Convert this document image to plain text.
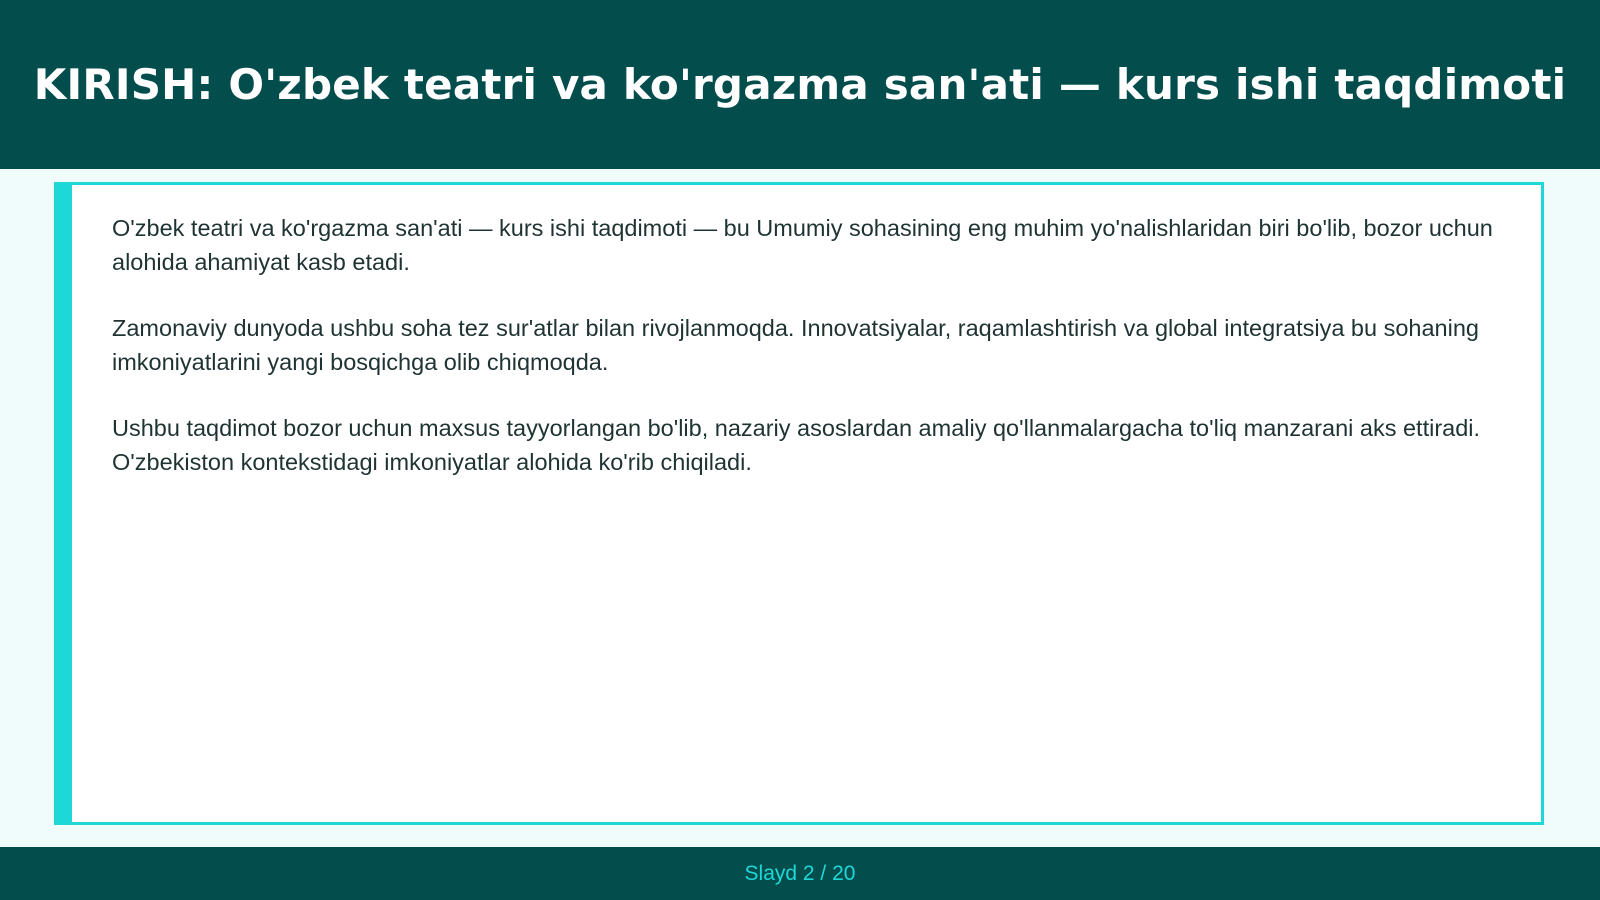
KIRISH: O'zbek teatri va ko'rgazma san'ati — kurs ishi taqdimoti

O'zbek teatri va ko'rgazma san'ati — kurs ishi taqdimoti — bu Umumiy sohasining eng muhim yo'nalishlaridan biri bo'lib, bozor uchun alohida ahamiyat kasb etadi.

Zamonaviy dunyoda ushbu soha tez sur'atlar bilan rivojlanmoqda. Innovatsiyalar, raqamlashtirish va global integratsiya bu sohaning imkoniyatlarini yangi bosqichga olib chiqmoqda.

Ushbu taqdimot bozor uchun maxsus tayyorlangan bo'lib, nazariy asoslardan amaliy qo'llanmalargacha to'liq manzarani aks ettiradi. O'zbekiston kontekstidagi imkoniyatlar alohida ko'rib chiqiladi.

Slayd 2 / 20
